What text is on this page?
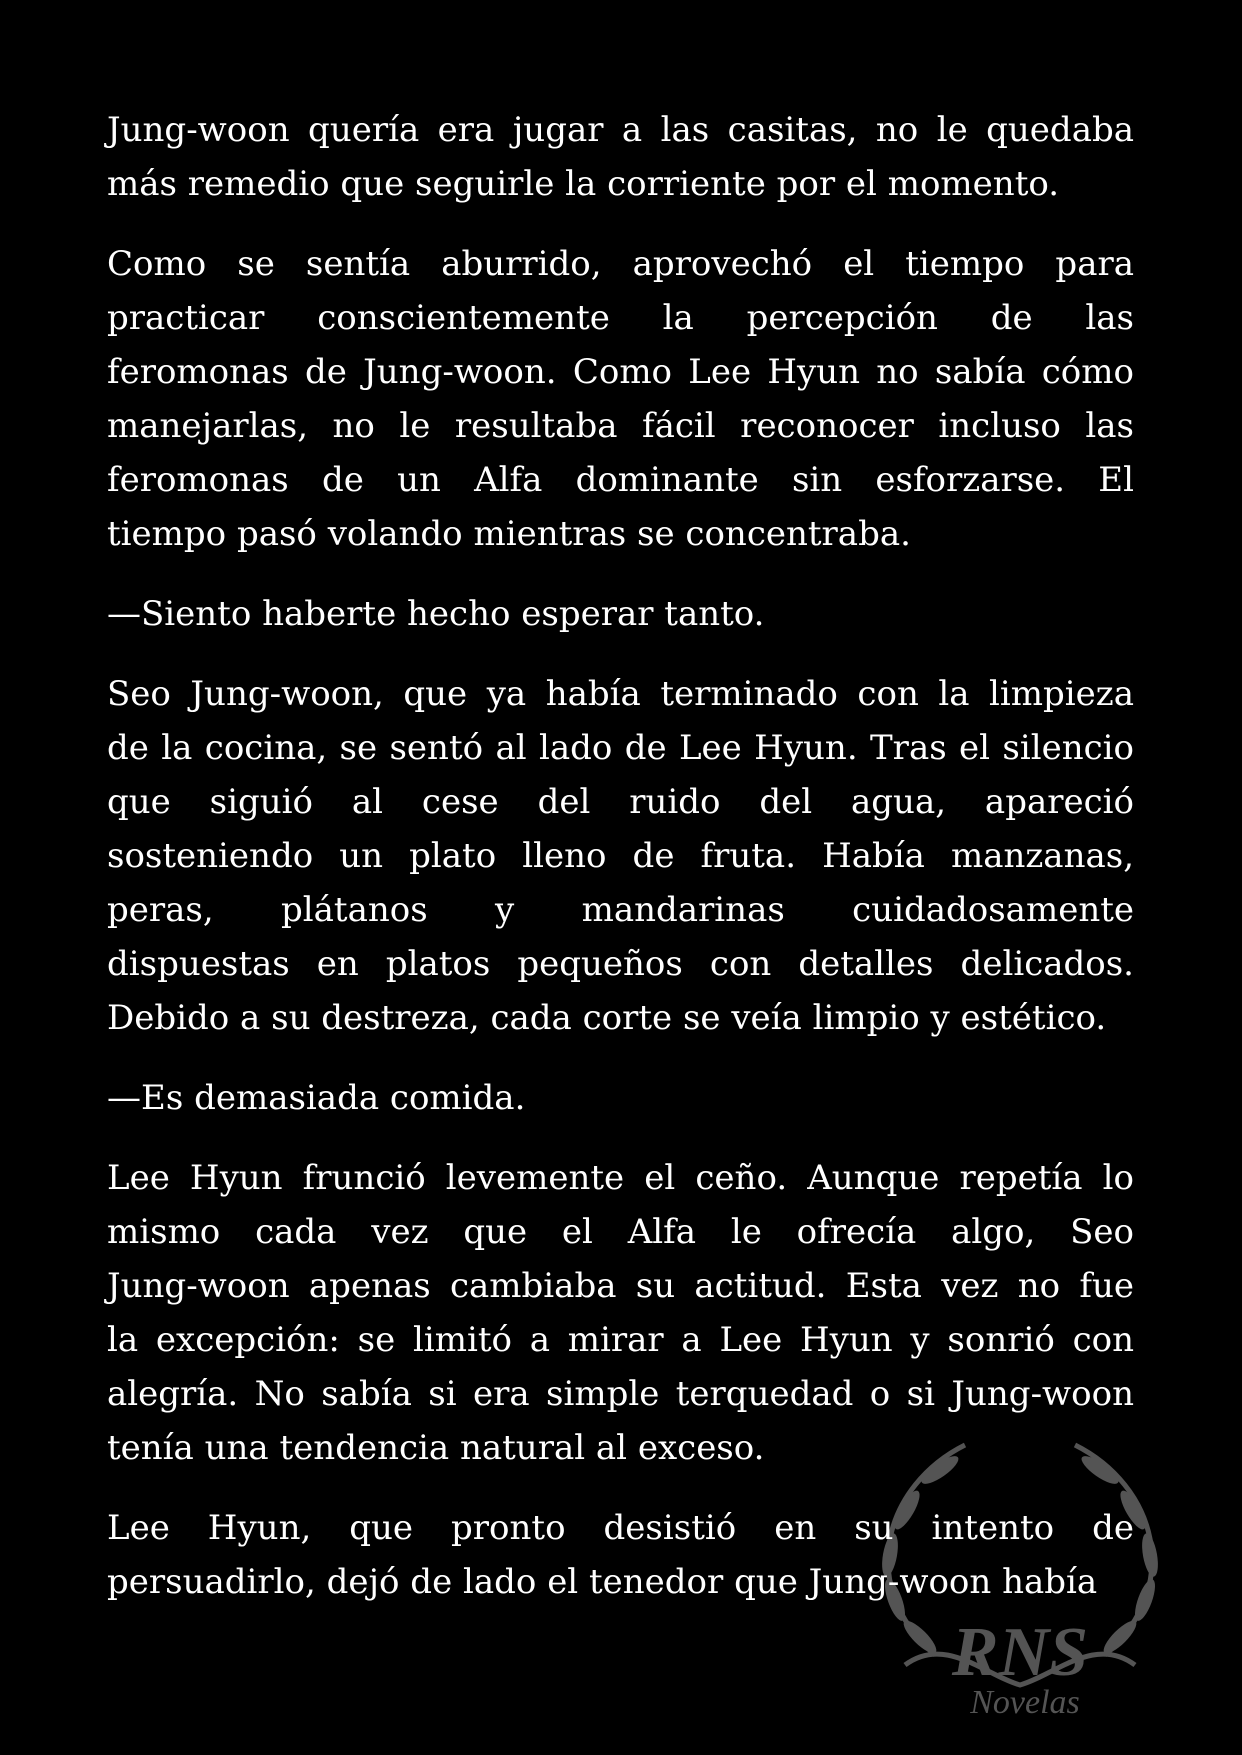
RNS
Novelas
Jung-woon quería era jugar a las casitas, no le quedaba
más remedio que seguirle la corriente por el momento.
Como se sentía aburrido, aprovechó el tiempo para
practicar conscientemente la percepción de las
feromonas de Jung-woon. Como Lee Hyun no sabía cómo
manejarlas, no le resultaba fácil reconocer incluso las
feromonas de un Alfa dominante sin esforzarse. El
tiempo pasó volando mientras se concentraba.
—Siento haberte hecho esperar tanto.
Seo Jung-woon, que ya había terminado con la limpieza
de la cocina, se sentó al lado de Lee Hyun. Tras el silencio
que siguió al cese del ruido del agua, apareció
sosteniendo un plato lleno de fruta. Había manzanas,
peras, plátanos y mandarinas cuidadosamente
dispuestas en platos pequeños con detalles delicados.
Debido a su destreza, cada corte se veía limpio y estético.
—Es demasiada comida.
Lee Hyun frunció levemente el ceño. Aunque repetía lo
mismo cada vez que el Alfa le ofrecía algo, Seo
Jung-woon apenas cambiaba su actitud. Esta vez no fue
la excepción: se limitó a mirar a Lee Hyun y sonrió con
alegría. No sabía si era simple terquedad o si Jung-woon
tenía una tendencia natural al exceso.
Lee Hyun, que pronto desistió en su intento de
persuadirlo, dejó de lado el tenedor que Jung-woon había
